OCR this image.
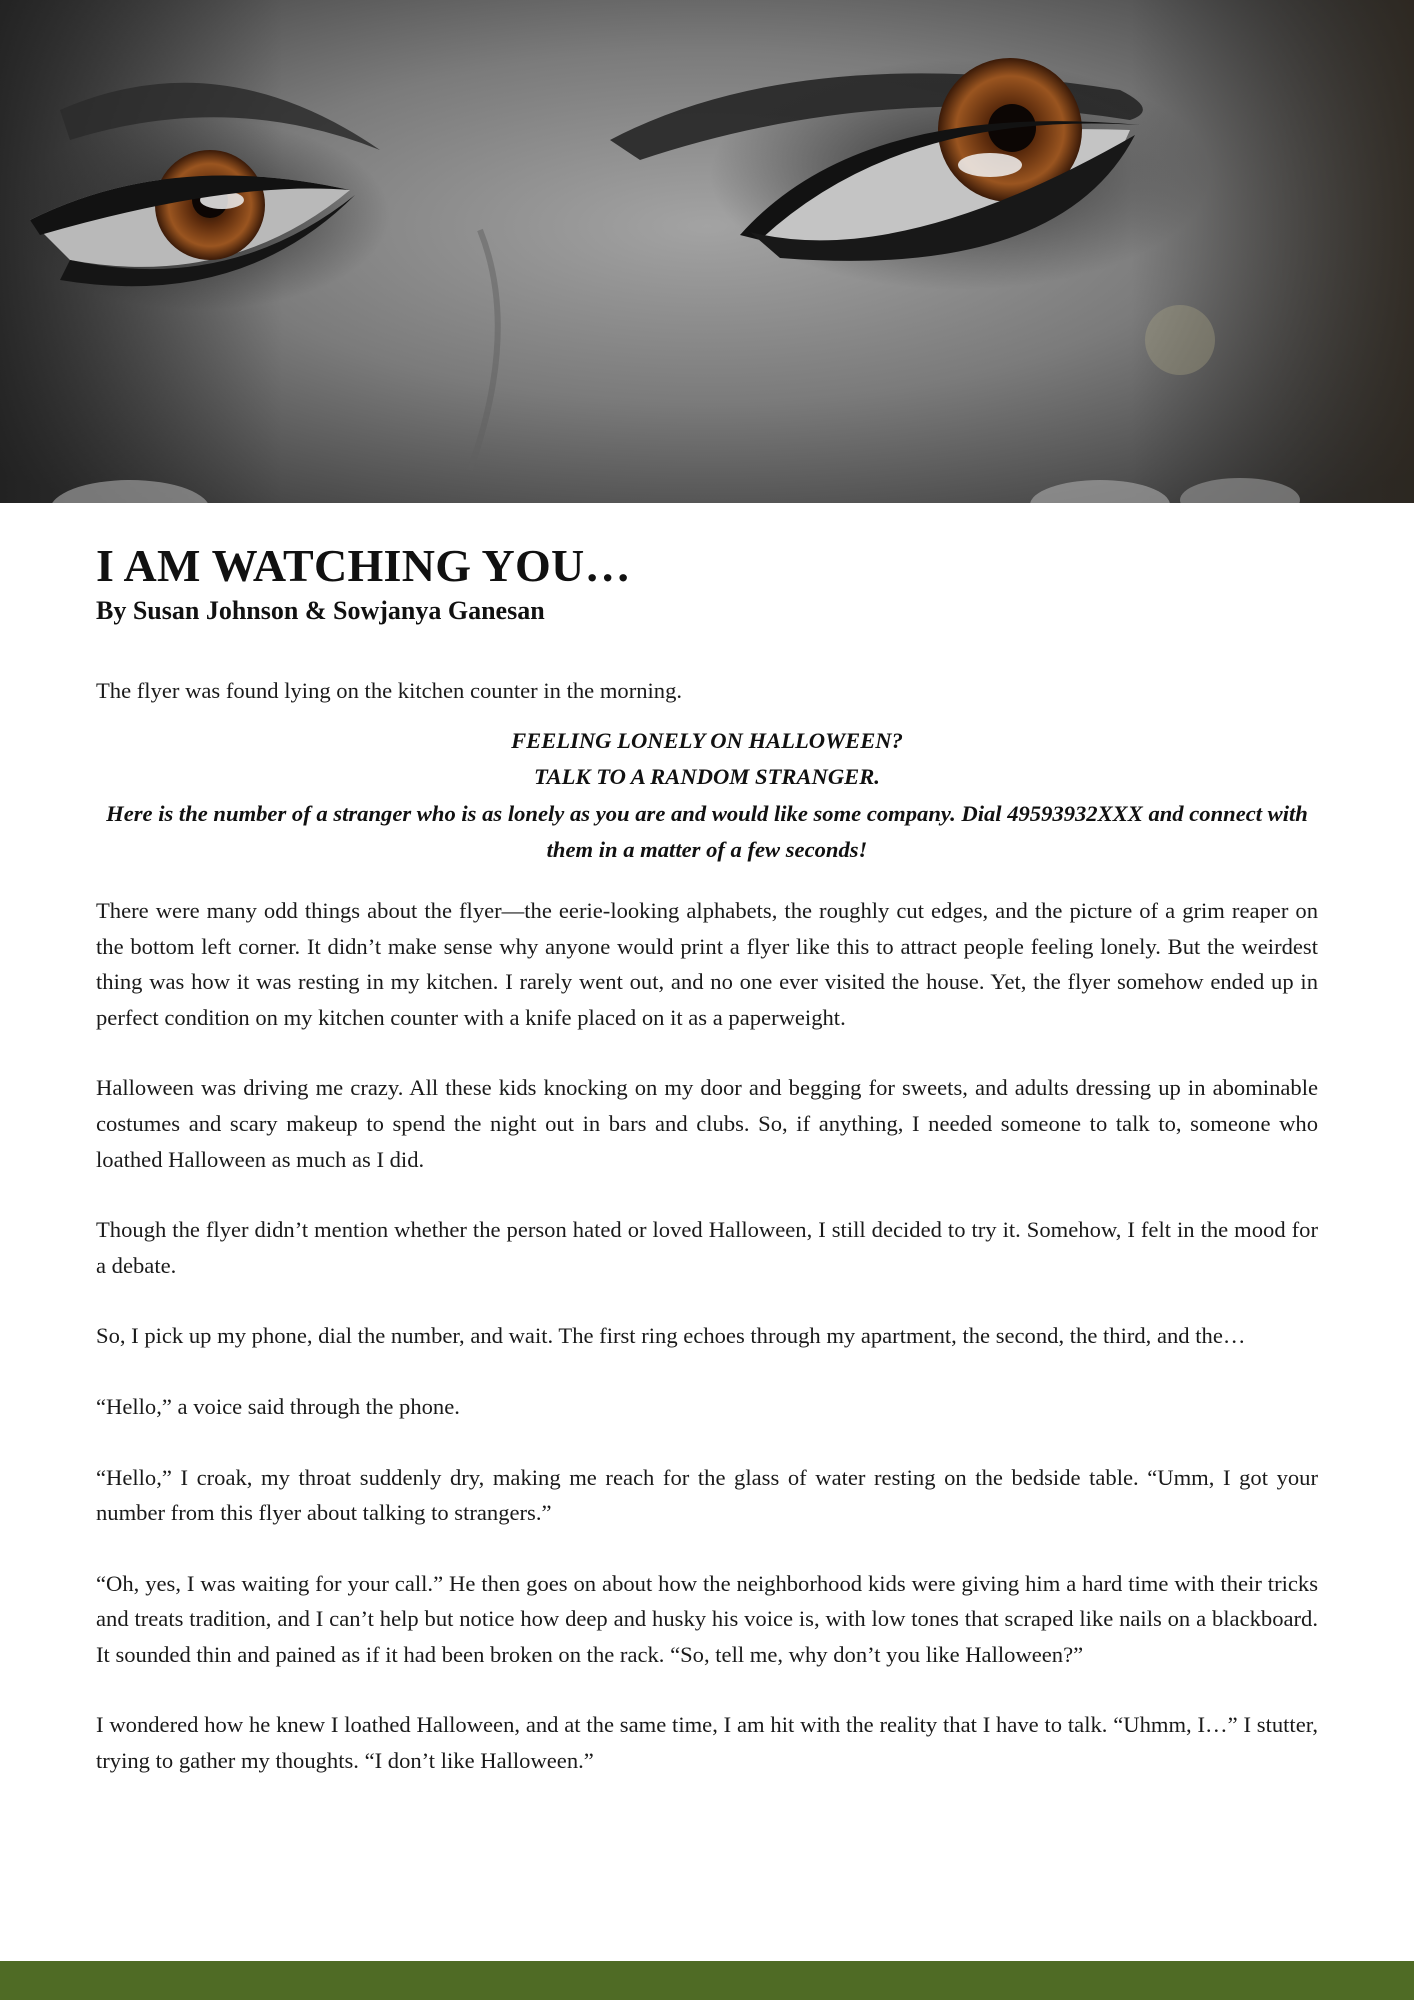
I AM WATCHING YOU…
By Susan Johnson & Sowjanya Ganesan

The flyer was found lying on the kitchen counter in the morning.

FEELING LONELY ON HALLOWEEN?
TALK TO A RANDOM STRANGER.
Here is the number of a stranger who is as lonely as you are and would like some company. Dial 49593932XXX and connect with them in a matter of a few seconds!

There were many odd things about the flyer—the eerie-looking alphabets, the roughly cut edges, and the picture of a grim reaper on the bottom left corner. It didn’t make sense why anyone would print a flyer like this to attract people feeling lonely. But the weirdest thing was how it was resting in my kitchen. I rarely went out, and no one ever visited the house. Yet, the flyer somehow ended up in perfect condition on my kitchen counter with a knife placed on it as a paperweight.

Halloween was driving me crazy. All these kids knocking on my door and begging for sweets, and adults dressing up in abominable costumes and scary makeup to spend the night out in bars and clubs. So, if anything, I needed someone to talk to, someone who loathed Halloween as much as I did.

Though the flyer didn’t mention whether the person hated or loved Halloween, I still decided to try it. Somehow, I felt in the mood for a debate.

So, I pick up my phone, dial the number, and wait. The first ring echoes through my apartment, the second, the third, and the…

“Hello,” a voice said through the phone.

“Hello,” I croak, my throat suddenly dry, making me reach for the glass of water resting on the bedside table. “Umm, I got your number from this flyer about talking to strangers.”

“Oh, yes, I was waiting for your call.” He then goes on about how the neighborhood kids were giving him a hard time with their tricks and treats tradition, and I can’t help but notice how deep and husky his voice is, with low tones that scraped like nails on a blackboard. It sounded thin and pained as if it had been broken on the rack. “So, tell me, why don’t you like Halloween?”

I wondered how he knew I loathed Halloween, and at the same time, I am hit with the reality that I have to talk. “Uhmm, I…” I stutter, trying to gather my thoughts. “I don’t like Halloween.”
